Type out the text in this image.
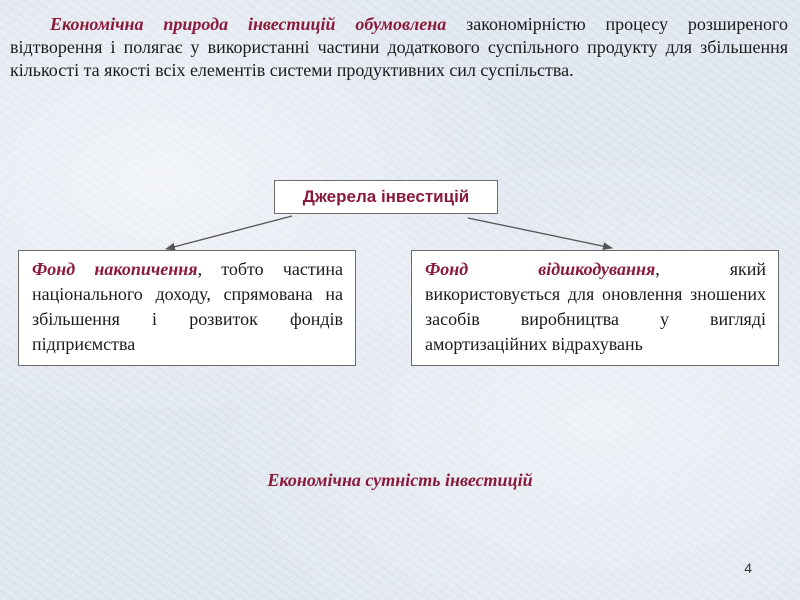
Економічна природа інвестицій обумовлена закономірністю процесу розширеного відтворення і полягає у використанні частини додаткового суспільного продукту для збільшення кількості та якості всіх елементів системи продуктивних сил суспільства.
Джерела інвестицій
Фонд накопичення, тобто частина національного доходу, спрямована на збільшення і розвиток фондів підприємства
Фонд відшкодування, який використовується для оновлення зношених засобів виробництва у вигляді амортизаційних відрахувань
Економічна сутність інвестицій
4
